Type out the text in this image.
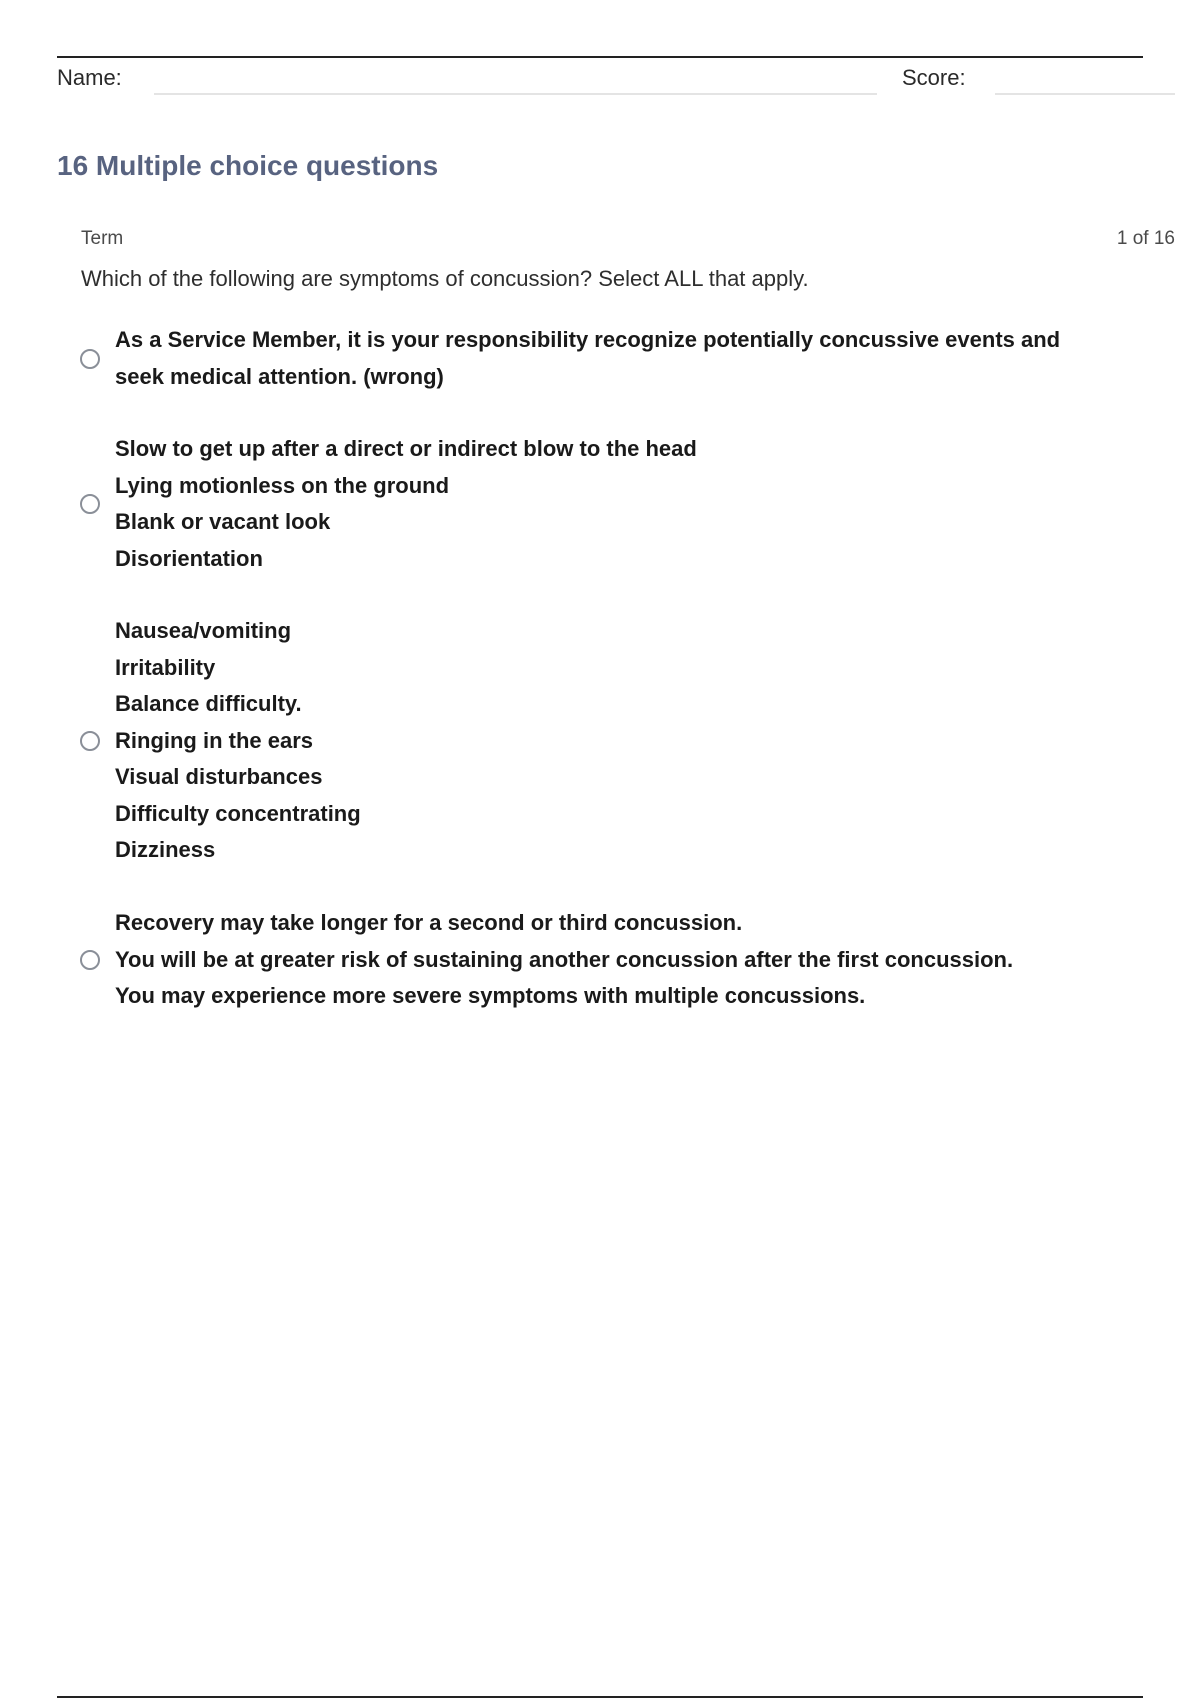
Name:	Score:
16 Multiple choice questions
Term	1 of 16
Which of the following are symptoms of concussion? Select ALL that apply.
As a Service Member, it is your responsibility recognize potentially concussive events and
seek medical attention. (wrong)
Slow to get up after a direct or indirect blow to the head
Lying motionless on the ground
Blank or vacant look
Disorientation
Nausea/vomiting
Irritability
Balance difficulty.
Ringing in the ears
Visual disturbances
Difficulty concentrating
Dizziness
Recovery may take longer for a second or third concussion.
You will be at greater risk of sustaining another concussion after the first concussion.
You may experience more severe symptoms with multiple concussions.
